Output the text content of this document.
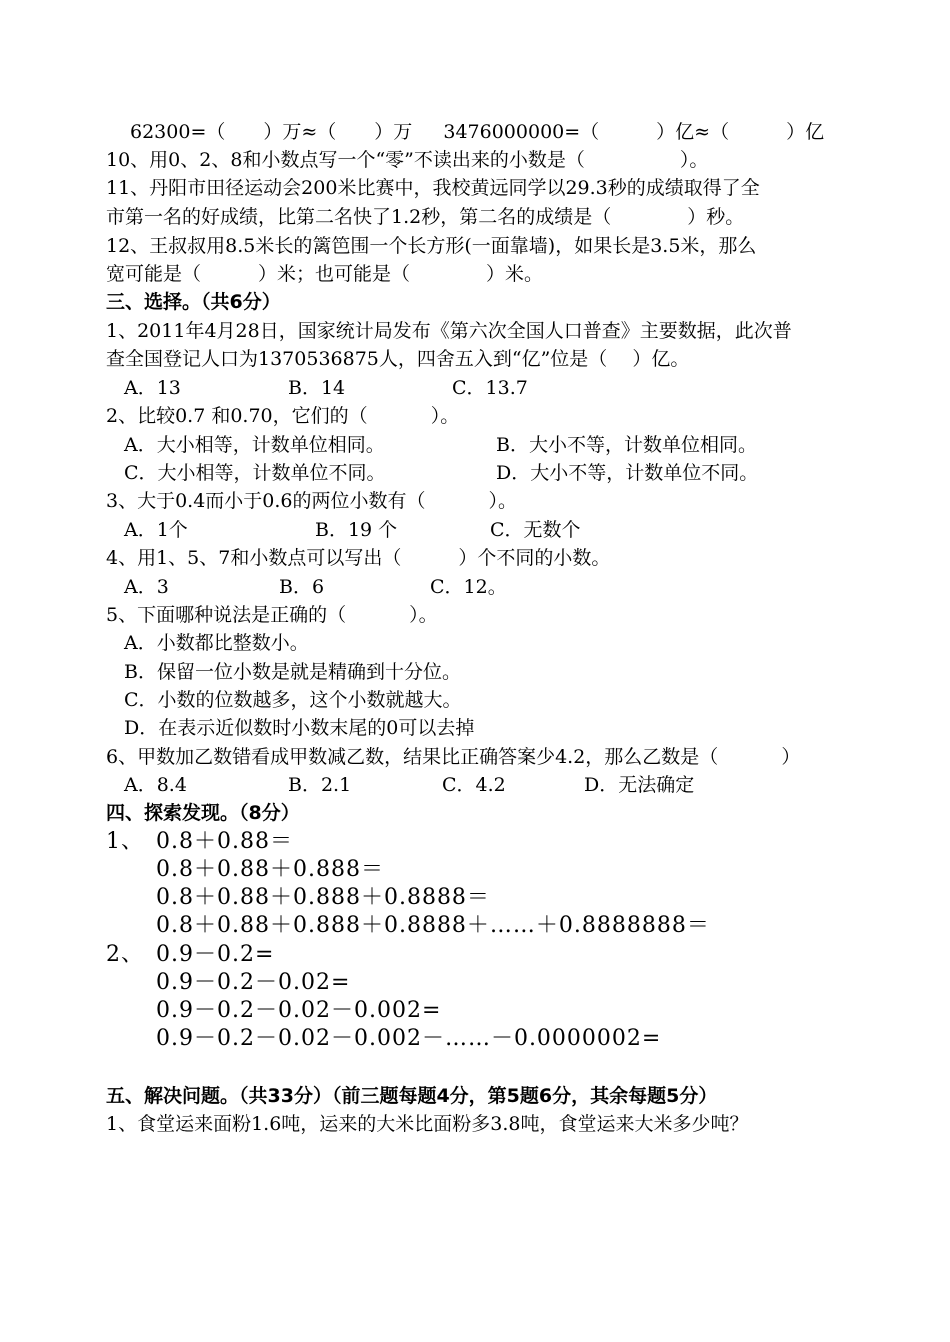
62300=（　　）万≈（　　）万　  3476000000=（　　　）亿≈（　　　）亿
10、用0、2、8和小数点写一个“零”不读出来的小数是（　　　　　）。
11、丹阳市田径运动会200米比赛中，我校黄远同学以29.3秒的成绩取得了全
市第一名的好成绩，比第二名快了1.2秒，第二名的成绩是（　　　　）秒。
12、王叔叔用8.5米长的篱笆围一个长方形(一面靠墙)，如果长是3.5米，那么
宽可能是（　　　）米；也可能是（　　　　）米。
三、选择。（共6分）
1、2011年4月28日，国家统计局发布《第六次全国人口普查》主要数据，此次普
查全国登记人口为1370536875人，四舍五入到“亿”位是（　 ）亿。
A．13	B．14	C．13.7
2、比较0.7 和0.70，它们的（　　　 ）。
A．大小相等，计数单位相同。	B．大小不等，计数单位相同。
C．大小相等，计数单位不同。	D．大小不等，计数单位不同。
3、大于0.4而小于0.6的两位小数有（　　　 ）。
A．1个	B．19 个	C．无数个
4、用1、5、7和小数点可以写出（　　　）个不同的小数。
A．3	B．6	C．12。
5、下面哪种说法是正确的（　　　 ）。
A．小数都比整数小。
B．保留一位小数是就是精确到十分位。
C．小数的位数越多，这个小数就越大。
D．在表示近似数时小数末尾的0可以去掉
6、甲数加乙数错看成甲数减乙数，结果比正确答案少4.2，那么乙数是（　　　 ）
A．8.4	B．2.1	C．4.2	D．无法确定
四、探索发现。（8分）
1、 0.8＋0.88＝
0.8＋0.88＋0.888＝
0.8＋0.88＋0.888＋0.8888＝
0.8＋0.88＋0.888＋0.8888＋……＋0.8888888＝
2、 0.9－0.2=
0.9－0.2－0.02=
0.9－0.2－0.02－0.002=
0.9－0.2－0.02－0.002－……－0.0000002=
五、解决问题。（共33分）（前三题每题4分，第5题6分，其余每题5分）
1、食堂运来面粉1.6吨，运来的大米比面粉多3.8吨，食堂运来大米多少吨？
